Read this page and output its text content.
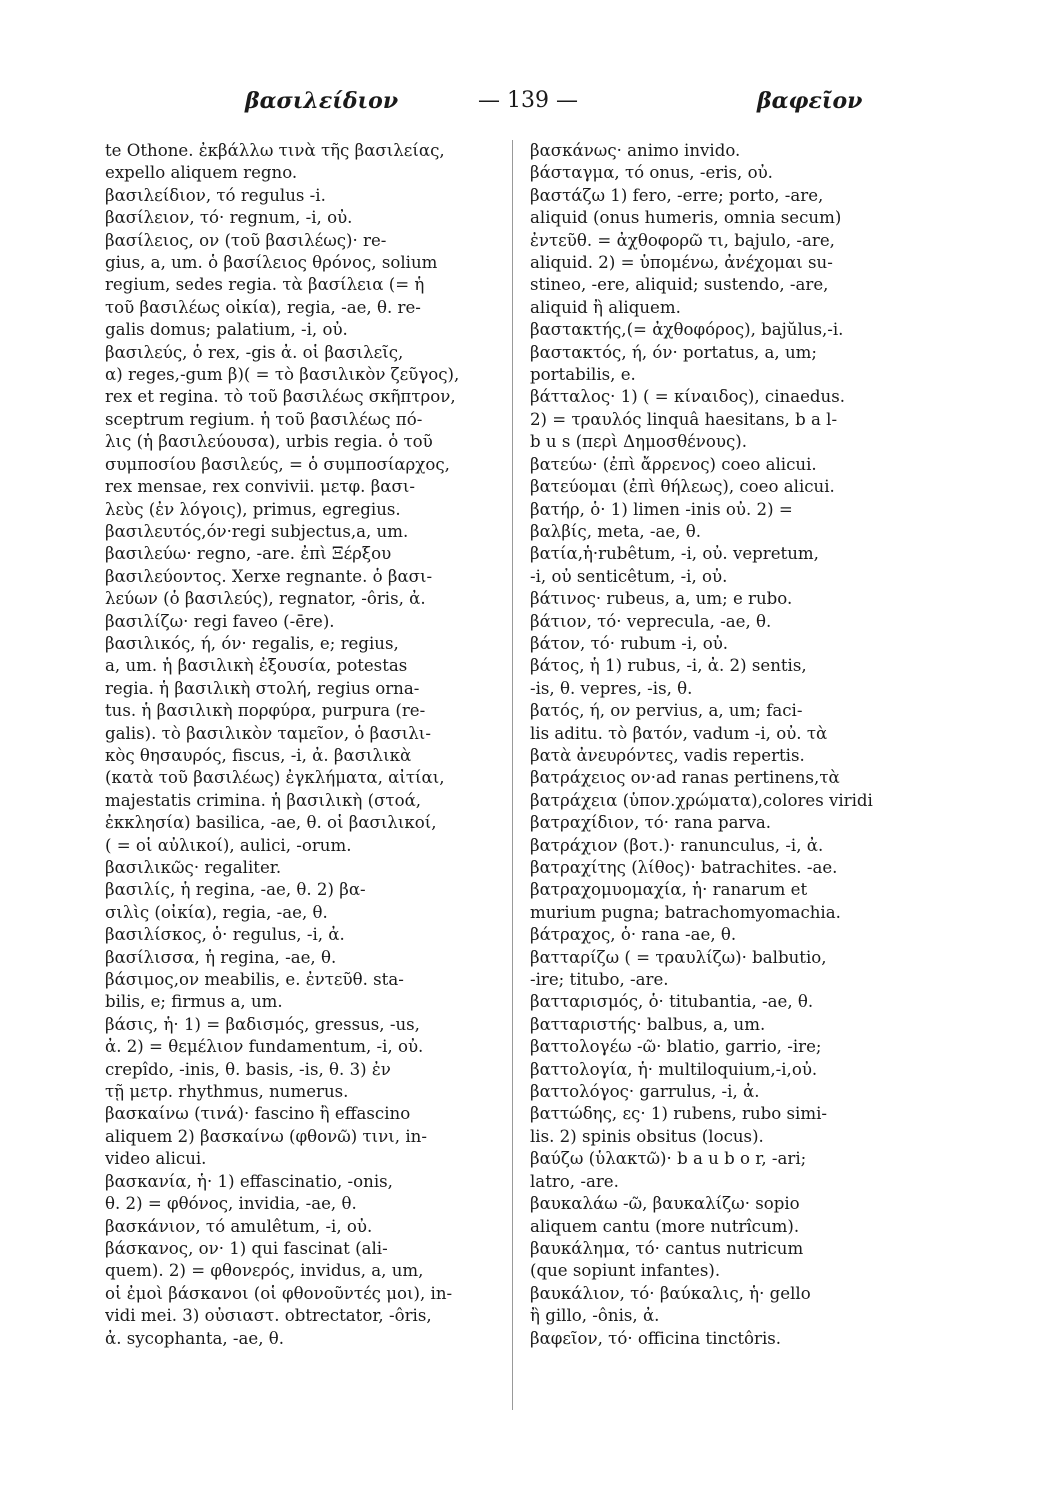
βασιλείδιον	— 139 —	βαφεῖον
te Othone. ἐκβάλλω τινὰ τῆς βασιλείας,
expello aliquem regno.
βασιλείδιον, τό regulus -i.
βασίλειον, τό· regnum, -i, οὐ.
βασίλειος, ον (τοῦ βασιλέως)· re-
gius, a, um. ὁ βασίλειος θρόνος, solium
regium, sedes regia. τὰ βασίλεια (= ἡ
τοῦ βασιλέως οἰκία), regia, -ae, θ. re-
galis domus; palatium, -i, οὐ.
βασιλεύς, ὁ rex, -gis ἀ. οἱ βασιλεῖς,
α) reges,-gum β)( = τὸ βασιλικὸν ζεῦγος),
rex et regina. τὸ τοῦ βασιλέως σκῆπτρον,
sceptrum regium. ἡ τοῦ βασιλέως πό-
λις (ἡ βασιλεύουσα), urbis regia. ὁ τοῦ
συμποσίου βασιλεύς, = ὁ συμποσίαρχος,
rex mensae, rex convivii. μετφ. βασι-
λεὺς (ἐν λόγοις), primus, egregius.
βασιλευτός,όν·regi subjectus,a, um.
βασιλεύω· regno, -are. ἐπὶ Ξέρξου
βασιλεύοντος. Xerxe regnante. ὁ βασι-
λεύων (ὁ βασιλεύς), regnator, -ôris, ἀ.
βασιλίζω· regi faveo (-ēre).
βασιλικός, ή, όν· regalis, e; regius,
a, um. ἡ βασιλικὴ ἐξουσία, potestas
regia. ἡ βασιλικὴ στολή, regius orna-
tus. ἡ βασιλικὴ πορφύρα, purpura (re-
galis). τὸ βασιλικὸν ταμεῖον, ὁ βασιλι-
κὸς θησαυρός, fiscus, -i, ἀ. βασιλικὰ
(κατὰ τοῦ βασιλέως) ἐγκλήματα, αἰτίαι,
majestatis crimina. ἡ βασιλικὴ (στοά,
ἐκκλησία) basilica, -ae, θ. οἱ βασιλικοί,
( = οἱ αὐλικοί), aulici, -orum.
βασιλικῶς· regaliter.
βασιλίς, ἡ regina, -ae, θ. 2) βα-
σιλὶς (οἰκία), regia, -ae, θ.
βασιλίσκος, ὁ· regulus, -i, ἀ.
βασίλισσα, ἡ regina, -ae, θ.
βάσιμος,ον meabilis, e. ἐντεῦθ. sta-
bilis, e; firmus a, um.
βάσις, ἡ· 1) = βαδισμός, gressus, -us,
ἀ. 2) = θεμέλιον fundamentum, -i, οὐ.
crepîdo, -inis, θ. basis, -is, θ. 3) ἐν
τῇ μετρ. rhythmus, numerus.
βασκαίνω (τινά)· fascino ἢ effascino
aliquem 2) βασκαίνω (φθονῶ) τινι, in-
video alicui.
βασκανία, ἡ· 1) effascinatio, -onis,
θ. 2) = φθόνος, invidia, -ae, θ.
βασκάνιον, τό amulêtum, -i, οὐ.
βάσκανος, ον· 1) qui fascinat (ali-
quem). 2) = φθονερός, invidus, a, um,
οἱ ἐμοὶ βάσκανοι (οἱ φθονοῦντές μοι), in-
vidi mei. 3) οὐσιαστ. obtrectator, -ôris,
ἀ. sycophanta, -ae, θ.
βασκάνως· animo invido.
βάσταγμα, τό onus, -eris, οὐ.
βαστάζω 1) fero, -erre; porto, -are,
aliquid (onus humeris, omnia secum)
ἐντεῦθ. = ἀχθοφορῶ τι, bajulo, -are,
aliquid. 2) = ὑπομένω, ἀνέχομαι su-
stineo, -ere, aliquid; sustendo, -are,
aliquid ἢ aliquem.
βαστακτής,(= ἀχθοφόρος), bajŭlus,-i.
βαστακτός, ή, όν· portatus, a, um;
portabilis, e.
βάτταλος· 1) ( = κίναιδος), cinaedus.
2) = τραυλός linquâ haesitans, b a l-
b u s (περὶ Δημοσθένους).
βατεύω· (ἐπὶ ἄρρενος) coeo alicui.
βατεύομαι (ἐπὶ θήλεως), coeo alicui.
βατήρ, ὁ· 1) limen -inis οὐ. 2) =
βαλβίς, meta, -ae, θ.
βατία,ἡ·rubêtum, -i, οὐ. vepretum,
-i, οὐ senticêtum, -i, οὐ.
βάτινος· rubeus, a, um; e rubo.
βάτιον, τό· veprecula, -ae, θ.
βάτον, τό· rubum -i, οὐ.
βάτος, ἡ 1) rubus, -i, ἀ. 2) sentis,
-is, θ. vepres, -is, θ.
βατός, ή, ον pervius, a, um; faci-
lis aditu. τὸ βατόν, vadum -i, οὐ. τὰ
βατὰ ἀνευρόντες, vadis repertis.
βατράχειος ον·ad ranas pertinens,τὰ
βατράχεια (ὑπον.χρώματα),colores viridi
βατραχίδιον, τό· rana parva.
βατράχιον (βοτ.)· ranunculus, -i, ἀ.
βατραχίτης (λίθος)· batrachites. -ae.
βατραχομυομαχία, ἡ· ranarum et
murium pugna; batrachomyomachia.
βάτραχος, ὁ· rana -ae, θ.
βατταρίζω ( = τραυλίζω)· balbutio,
-ire; titubo, -are.
βατταρισμός, ὁ· titubantia, -ae, θ.
βατταριστής· balbus, a, um.
βαττολογέω -ῶ· blatio, garrio, -ire;
βαττολογία, ἡ· multiloquium,-i,οὐ.
βαττολόγος· garrulus, -i, ἀ.
βαττώδης, ες· 1) rubens, rubo simi-
lis. 2) spinis obsitus (locus).
βαύζω (ὑλακτῶ)· b a u b o r, -ari;
latro, -are.
βαυκαλάω -ῶ, βαυκαλίζω· sopio
aliquem cantu (more nutrîcum).
βαυκάλημα, τό· cantus nutricum
(que sopiunt infantes).
βαυκάλιον, τό· βαύκαλις, ἡ· gello
ἢ gillo, -ônis, ἀ.
βαφεῖον, τό· officina tinctôris.
